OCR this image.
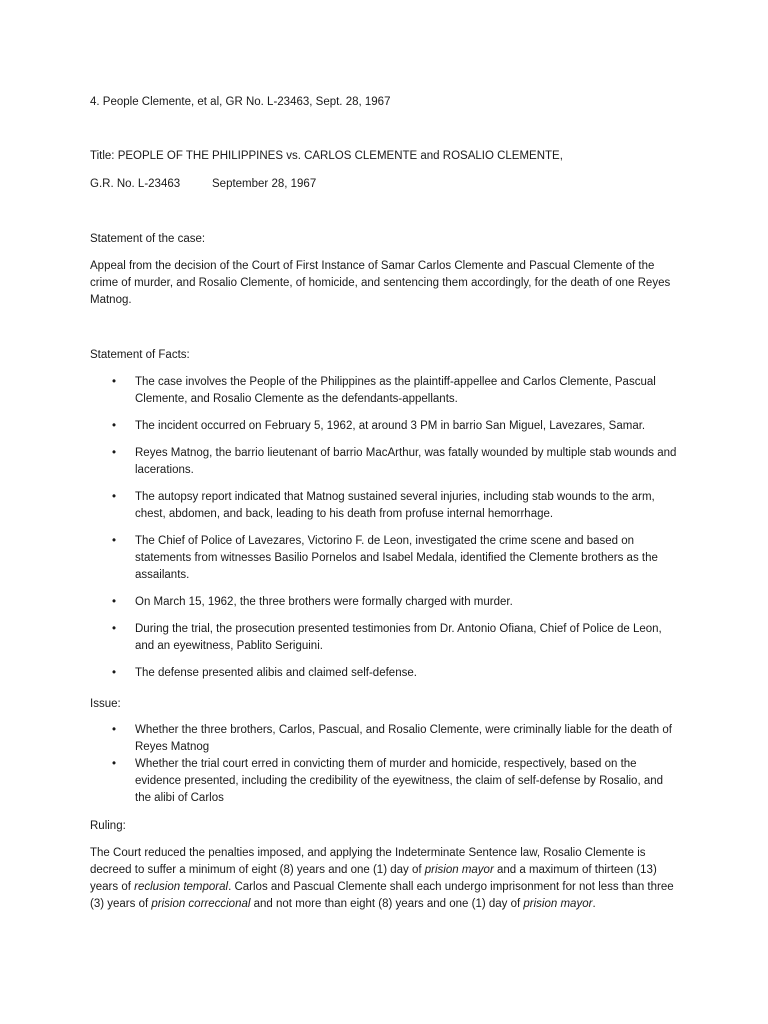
4. People Clemente, et al, GR No. L-23463, Sept. 28, 1967

Title: PEOPLE OF THE PHILIPPINES vs. CARLOS CLEMENTE and ROSALIO CLEMENTE,

G.R. No. L-23463	September 28, 1967

Statement of the case:

Appeal from the decision of the Court of First Instance of Samar Carlos Clemente and Pascual Clemente of the crime of murder, and Rosalio Clemente, of homicide, and sentencing them accordingly, for the death of one Reyes Matnog.

Statement of Facts:

• The case involves the People of the Philippines as the plaintiff-appellee and Carlos Clemente, Pascual Clemente, and Rosalio Clemente as the defendants-appellants.
• The incident occurred on February 5, 1962, at around 3 PM in barrio San Miguel, Lavezares, Samar.
• Reyes Matnog, the barrio lieutenant of barrio MacArthur, was fatally wounded by multiple stab wounds and lacerations.
• The autopsy report indicated that Matnog sustained several injuries, including stab wounds to the arm, chest, abdomen, and back, leading to his death from profuse internal hemorrhage.
• The Chief of Police of Lavezares, Victorino F. de Leon, investigated the crime scene and based on statements from witnesses Basilio Pornelos and Isabel Medala, identified the Clemente brothers as the assailants.
• On March 15, 1962, the three brothers were formally charged with murder.
• During the trial, the prosecution presented testimonies from Dr. Antonio Ofiana, Chief of Police de Leon, and an eyewitness, Pablito Seriguini.
• The defense presented alibis and claimed self-defense.

Issue:

• Whether the three brothers, Carlos, Pascual, and Rosalio Clemente, were criminally liable for the death of Reyes Matnog
• Whether the trial court erred in convicting them of murder and homicide, respectively, based on the evidence presented, including the credibility of the eyewitness, the claim of self-defense by Rosalio, and the alibi of Carlos

Ruling:

The Court reduced the penalties imposed, and applying the Indeterminate Sentence law, Rosalio Clemente is decreed to suffer a minimum of eight (8) years and one (1) day of prision mayor and a maximum of thirteen (13) years of reclusion temporal. Carlos and Pascual Clemente shall each undergo imprisonment for not less than three (3) years of prision correccional and not more than eight (8) years and one (1) day of prision mayor.
